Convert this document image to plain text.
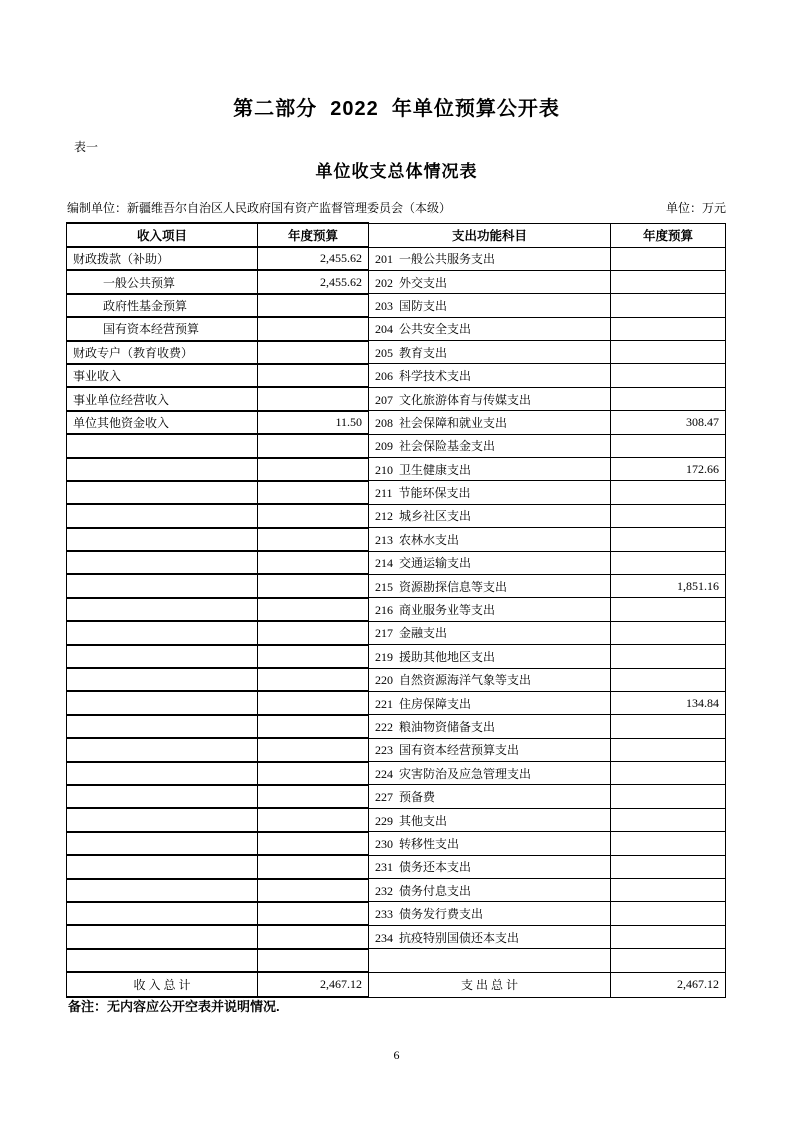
第二部分  2022  年单位预算公开表
表一
单位收支总体情况表
编制单位：新疆维吾尔自治区人民政府国有资产监督管理委员会（本级）	单位：万元
收入项目	年度预算	支出功能科目	年度预算
财政拨款（补助）	2,455.62	201  一般公共服务支出	
一般公共预算	2,455.62	202  外交支出	
政府性基金预算		203  国防支出	
国有资本经营预算		204  公共安全支出	
财政专户（教育收费）		205  教育支出	
事业收入		206  科学技术支出	
事业单位经营收入		207  文化旅游体育与传媒支出	
单位其他资金收入	11.50	208  社会保障和就业支出	308.47
		209  社会保险基金支出	
		210  卫生健康支出	172.66
		211  节能环保支出	
		212  城乡社区支出	
		213  农林水支出	
		214  交通运输支出	
		215  资源勘探信息等支出	1,851.16
		216  商业服务业等支出	
		217  金融支出	
		219  援助其他地区支出	
		220  自然资源海洋气象等支出	
		221  住房保障支出	134.84
		222  粮油物资储备支出	
		223  国有资本经营预算支出	
		224  灾害防治及应急管理支出	
		227  预备费	
		229  其他支出	
		230  转移性支出	
		231  债务还本支出	
		232  债务付息支出	
		233  债务发行费支出	
		234  抗疫特别国债还本支出	

收 入 总 计	2,467.12	支 出 总 计	2,467.12
备注：无内容应公开空表并说明情况.
6
